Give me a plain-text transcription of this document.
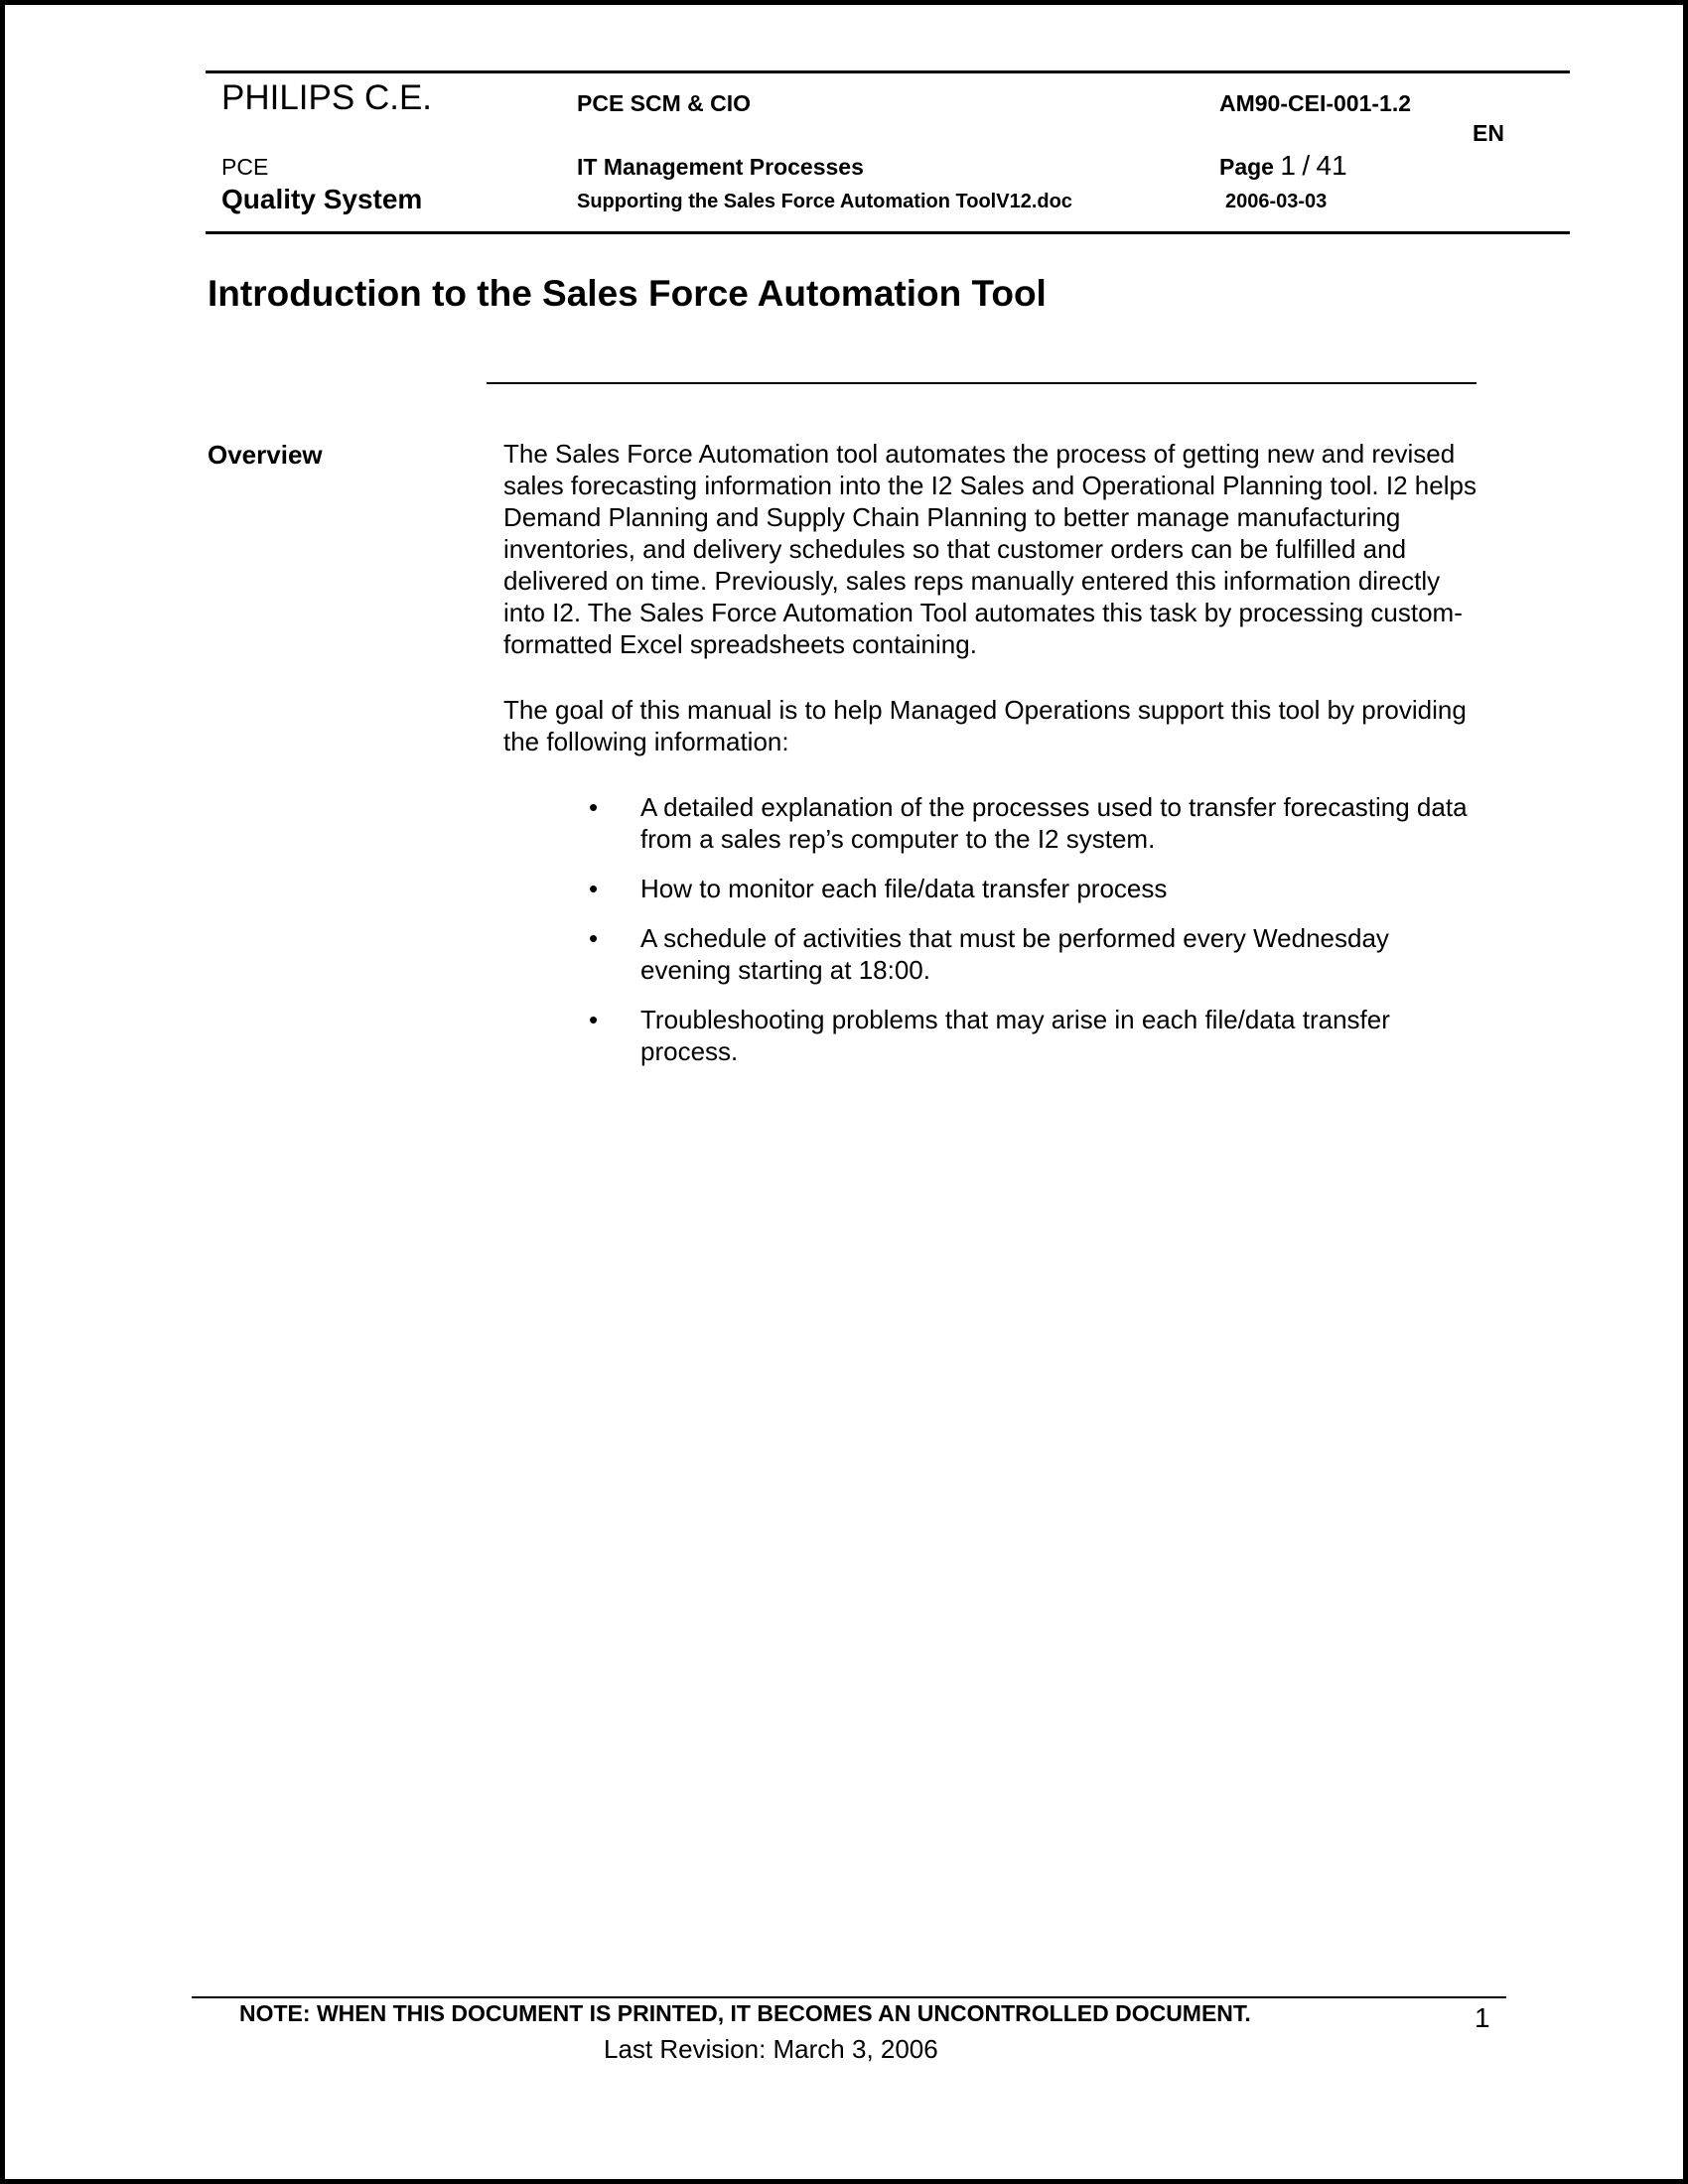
PHILIPS C.E.	PCE SCM & CIO	AM90-CEI-001-1.2
EN
PCE
Quality System
IT Management Processes
Supporting the Sales Force Automation ToolV12.doc
Page 1 / 41
2006-03-03
Introduction to the Sales Force Automation Tool
Overview	The Sales Force Automation tool automates the process of getting new and revised sales forecasting information into the I2 Sales and Operational Planning tool. I2 helps Demand Planning and Supply Chain Planning to better manage manufacturing inventories, and delivery schedules so that customer orders can be fulfilled and delivered on time. Previously, sales reps manually entered this information directly into I2. The Sales Force Automation Tool automates this task by processing custom-formatted Excel spreadsheets containing.

The goal of this manual is to help Managed Operations support this tool by providing the following information:

• A detailed explanation of the processes used to transfer forecasting data from a sales rep’s computer to the I2 system.
• How to monitor each file/data transfer process
• A schedule of activities that must be performed every Wednesday evening starting at 18:00.
• Troubleshooting problems that may arise in each file/data transfer process.
NOTE: WHEN THIS DOCUMENT IS PRINTED, IT BECOMES AN UNCONTROLLED DOCUMENT.	1
Last Revision: March 3, 2006
